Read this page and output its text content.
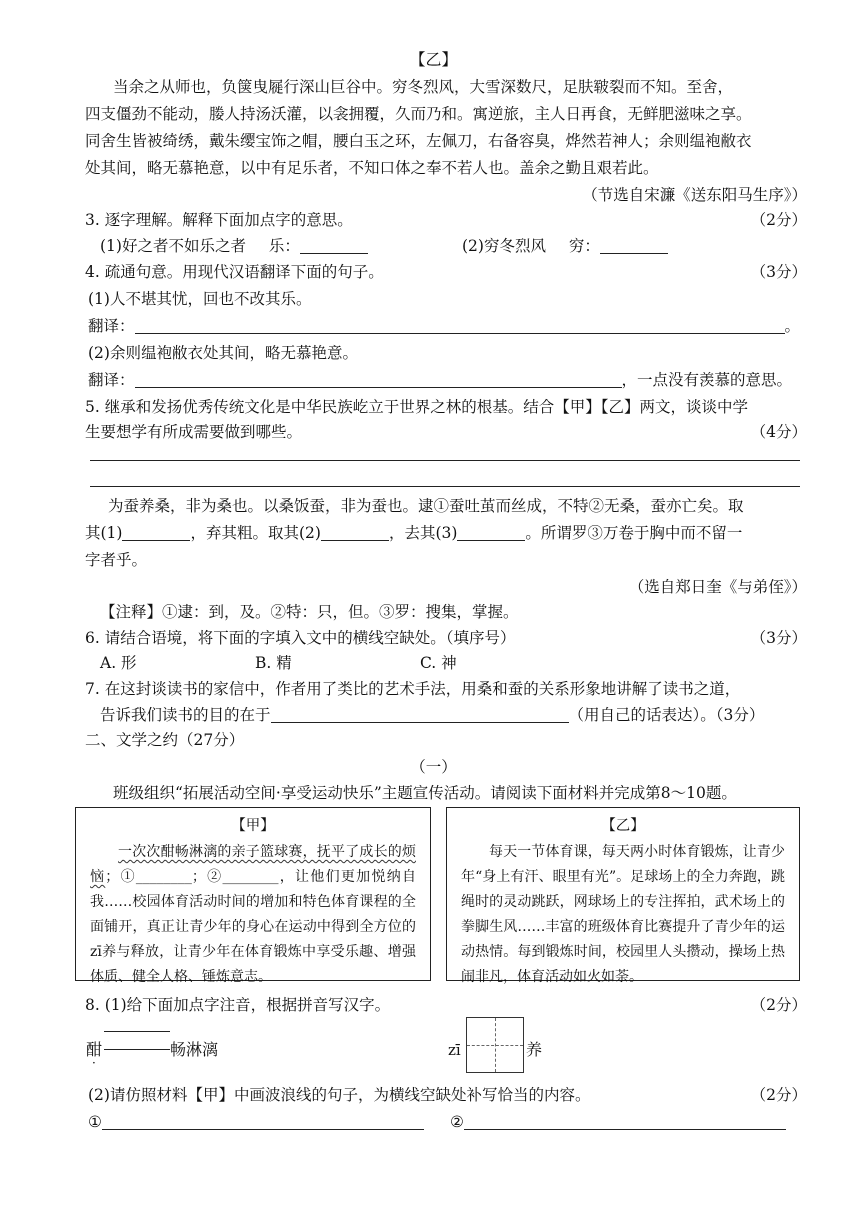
【乙】
当余之从师也，负箧曳屣行深山巨谷中。穷冬烈风，大雪深数尺，足肤皲裂而不知。至舍，
四支僵劲不能动，媵人持汤沃灌，以衾拥覆，久而乃和。寓逆旅，主人日再食，无鲜肥滋味之享。
同舍生皆被绮绣，戴朱缨宝饰之帽，腰白玉之环，左佩刀，右备容臭，烨然若神人；余则缊袍敝衣
处其间，略无慕艳意，以中有足乐者，不知口体之奉不若人也。盖余之勤且艰若此。
（节选自宋濂《送东阳马生序》）
3. 逐字理解。解释下面加点字的意思。	（2分）
(1)好之者不如乐之者 乐：	(2)穷冬烈风 穷：
4. 疏通句意。用现代汉语翻译下面的句子。	（3分）
(1)人不堪其忧，回也不改其乐。
翻译：	。
(2)余则缊袍敝衣处其间，略无慕艳意。
翻译：	，一点没有羡慕的意思。
5. 继承和发扬优秀传统文化是中华民族屹立于世界之林的根基。结合【甲】【乙】两文，谈谈中学
生要想学有所成需要做到哪些。	（4分）
为蚕养桑，非为桑也。以桑饭蚕，非为蚕也。逮①蚕吐茧而丝成，不特②无桑，蚕亦亡矣。取
其(1)	，弃其粗。取其(2)	，去其(3)	。所谓罗③万卷于胸中而不留一
字者乎。
（选自郑日奎《与弟侄》）
【注释】①逮：到，及。②特：只，但。③罗：搜集，掌握。
6. 请结合语境，将下面的字填入文中的横线空缺处。（填序号）	（3分）
A. 形	B. 精	C. 神
7. 在这封谈读书的家信中，作者用了类比的艺术手法，用桑和蚕的关系形象地讲解了读书之道，
告诉我们读书的目的在于	（用自己的话表达）。（3分）
二、文学之约（27分）
（一）
班级组织“拓展活动空间·享受运动快乐”主题宣传活动。请阅读下面材料并完成第8～10题。
【甲】
一次次酣畅淋漓的亲子篮球赛，抚平了成长的烦恼；①________；②________，让他们更加悦纳自我……校园体育活动时间的增加和特色体育课程的全面铺开，真正让青少年的身心在运动中得到全方位的zī养与释放，让青少年在体育锻炼中享受乐趣、增强体质、健全人格、锤炼意志。
【乙】
每天一节体育课，每天两小时体育锻炼，让青少年“身上有汗、眼里有光”。足球场上的全力奔跑，跳绳时的灵动跳跃，网球场上的专注挥拍，武术场上的拳脚生风……丰富的班级体育比赛提升了青少年的运动热情。每到锻炼时间，校园里人头攒动，操场上热闹非凡，体育活动如火如荼。
8. (1)给下面加点字注音，根据拼音写汉字。	（2分）
酣
·
畅淋漓	zī	养
(2)请仿照材料【甲】中画波浪线的句子，为横线空缺处补写恰当的内容。	（2分）
①	②
